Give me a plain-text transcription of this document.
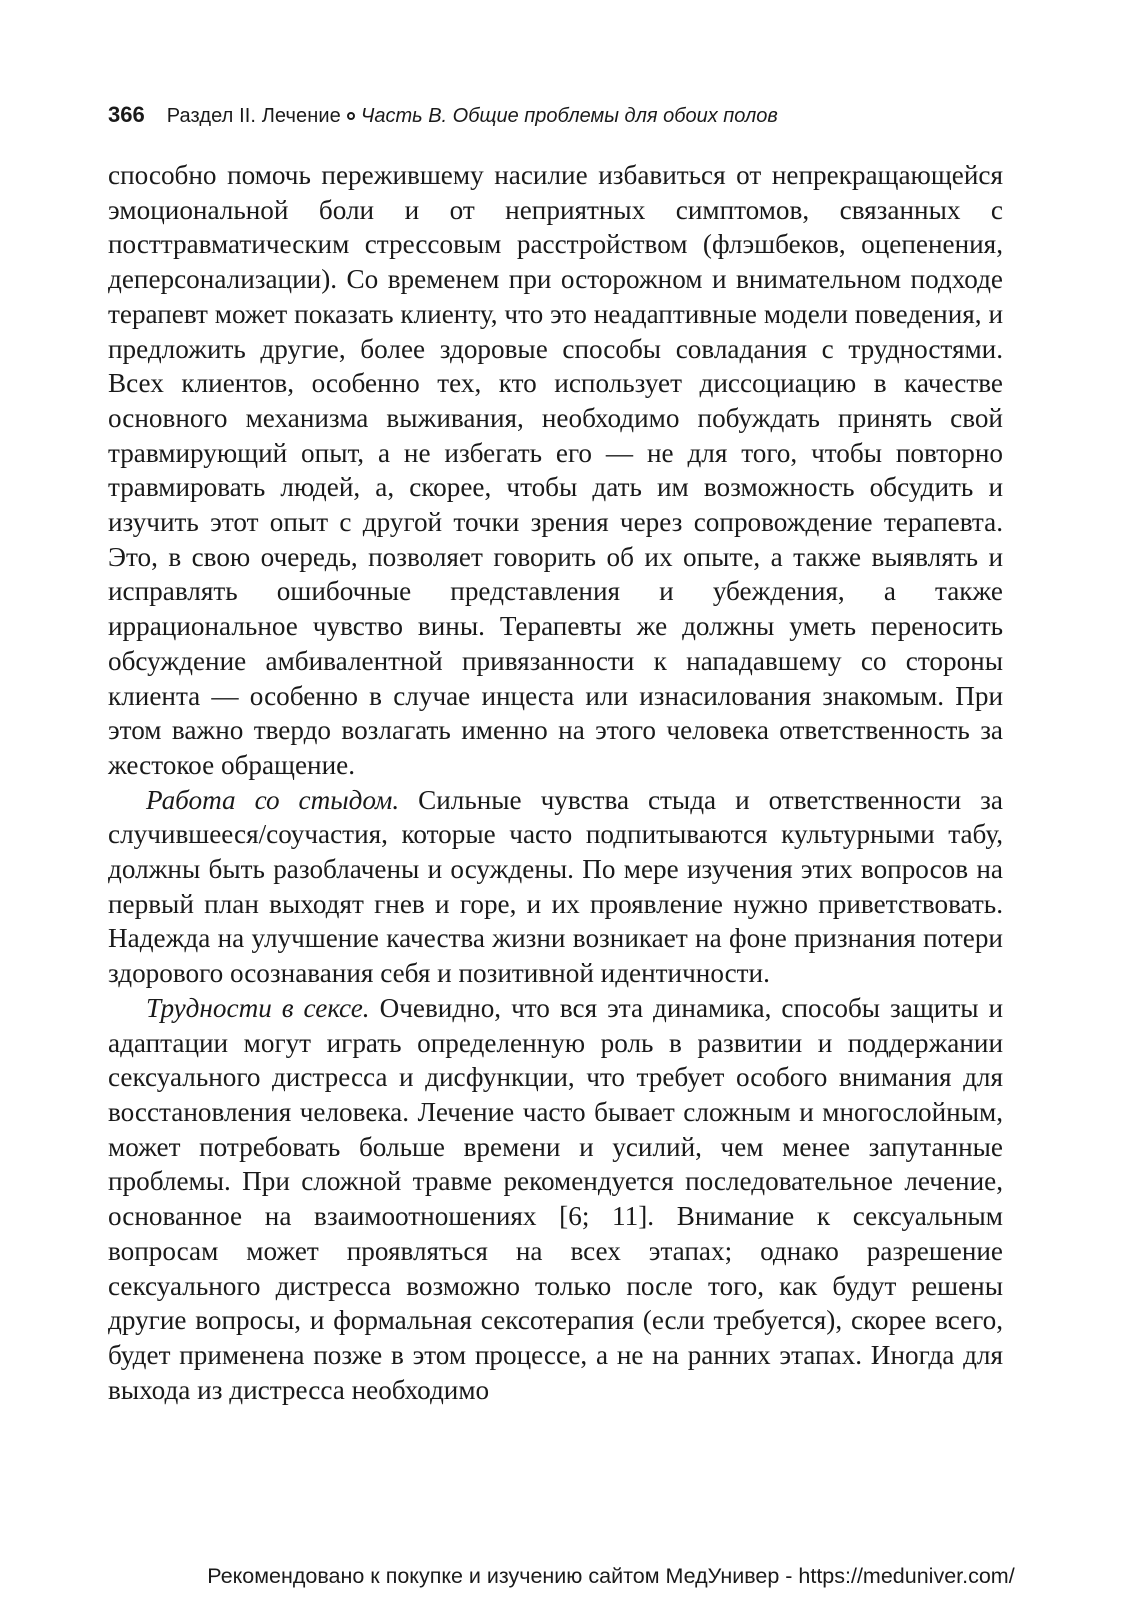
366 Раздел II. Лечение Часть В. Общие проблемы для обоих полов

способно помочь пережившему насилие избавиться от непрекращающейся эмоциональной боли и от неприятных симптомов, связанных с посттравматическим стрессовым расстройством (флэшбеков, оцепенения, деперсонализации). Со временем при осторожном и внимательном подходе терапевт может показать клиенту, что это неадаптивные модели поведения, и предложить другие, более здоровые способы совладания с трудностями. Всех клиентов, особенно тех, кто использует диссоциацию в качестве основного механизма выживания, необходимо побуждать принять свой травмирующий опыт, а не избегать его — не для того, чтобы повторно травмировать людей, а, скорее, чтобы дать им возможность обсудить и изучить этот опыт с другой точки зрения через сопровождение терапевта. Это, в свою очередь, позволяет говорить об их опыте, а также выявлять и исправлять ошибочные представления и убеждения, а также иррациональное чувство вины. Терапевты же должны уметь переносить обсуждение амбивалентной привязанности к нападавшему со стороны клиента — особенно в случае инцеста или изнасилования знакомым. При этом важно твердо возлагать именно на этого человека ответственность за жестокое обращение.

Работа со стыдом. Сильные чувства стыда и ответственности за случившееся/соучастия, которые часто подпитываются культурными табу, должны быть разоблачены и осуждены. По мере изучения этих вопросов на первый план выходят гнев и горе, и их проявление нужно приветствовать. Надежда на улучшение качества жизни возникает на фоне признания потери здорового осознавания себя и позитивной идентичности.

Трудности в сексе. Очевидно, что вся эта динамика, способы защиты и адаптации могут играть определенную роль в развитии и поддержании сексуального дистресса и дисфункции, что требует особого внимания для восстановления человека. Лечение часто бывает сложным и многослойным, может потребовать больше времени и усилий, чем менее запутанные проблемы. При сложной травме рекомендуется последовательное лечение, основанное на взаимоотношениях [6; 11]. Внимание к сексуальным вопросам может проявляться на всех этапах; однако разрешение сексуального дистресса возможно только после того, как будут решены другие вопросы, и формальная сексотерапия (если требуется), скорее всего, будет применена позже в этом процессе, а не на ранних этапах. Иногда для выхода из дистресса необходимо

Рекомендовано к покупке и изучению сайтом МедУнивер - https://meduniver.com/
